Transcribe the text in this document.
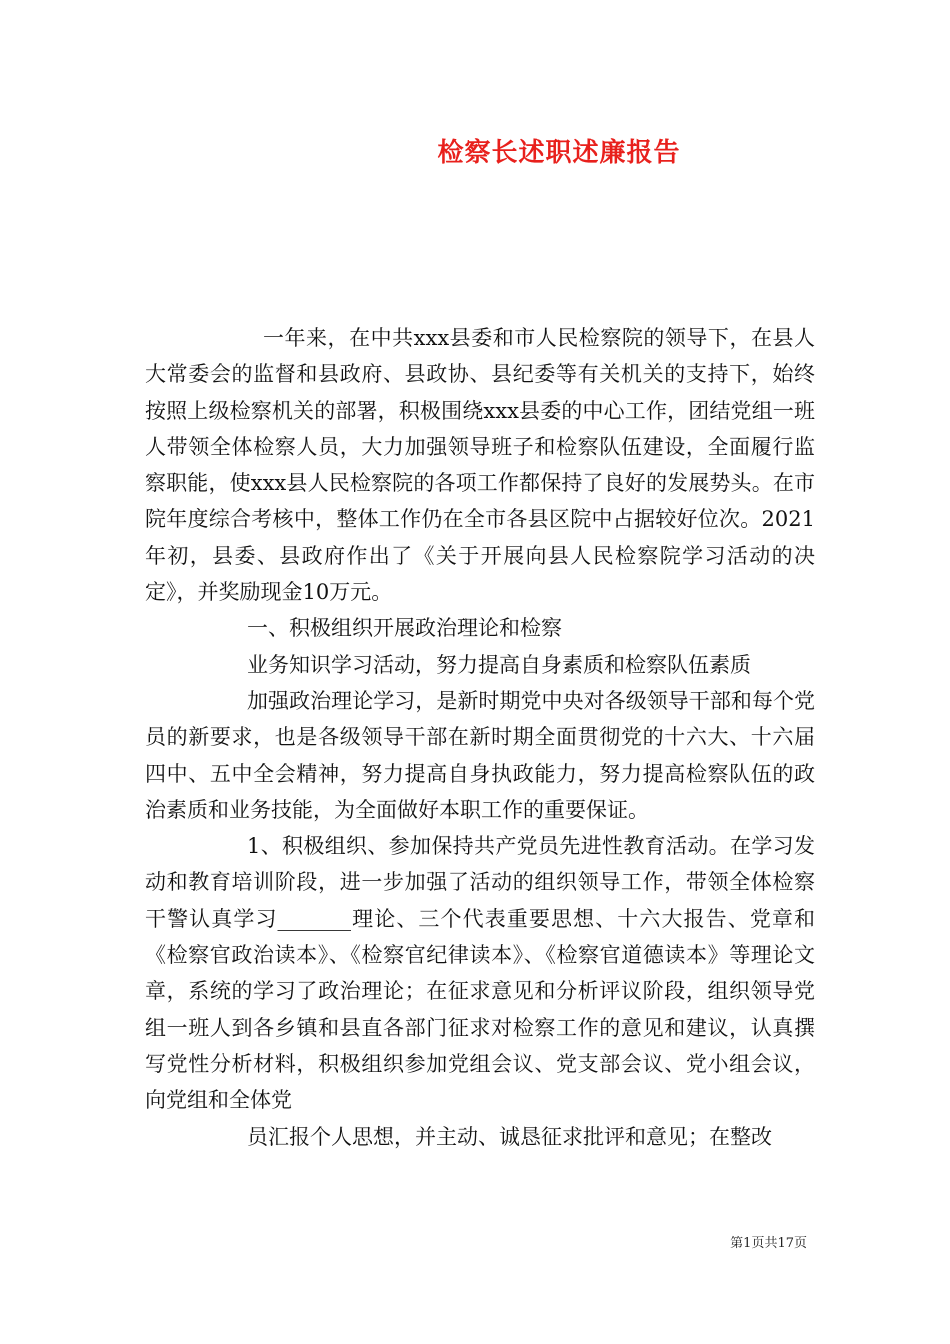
检察长述职述廉报告

一年来，在中共xxx县委和市人民检察院的领导下，在县人大常委会的监督和县政府、县政协、县纪委等有关机关的支持下，始终按照上级检察机关的部署，积极围绕xxx县委的中心工作，团结党组一班人带领全体检察人员，大力加强领导班子和检察队伍建设，全面履行监察职能，使xxx县人民检察院的各项工作都保持了良好的发展势头。在市院年度综合考核中，整体工作仍在全市各县区院中占据较好位次。2021年初，县委、县政府作出了《关于开展向县人民检察院学习活动的决定》，并奖励现金10万元。

一、积极组织开展政治理论和检察

业务知识学习活动，努力提高自身素质和检察队伍素质

加强政治理论学习，是新时期党中央对各级领导干部和每个党员的新要求，也是各级领导干部在新时期全面贯彻党的十六大、十六届四中、五中全会精神，努力提高自身执政能力，努力提高检察队伍的政治素质和业务技能，为全面做好本职工作的重要保证。

1、积极组织、参加保持共产党员先进性教育活动。在学习发动和教育培训阶段，进一步加强了活动的组织领导工作，带领全体检察干警认真学习_______理论、三个代表重要思想、十六大报告、党章和《检察官政治读本》、《检察官纪律读本》、《检察官道德读本》等理论文章，系统的学习了政治理论；在征求意见和分析评议阶段，组织领导党组一班人到各乡镇和县直各部门征求对检察工作的意见和建议，认真撰写党性分析材料，积极组织参加党组会议、党支部会议、党小组会议，向党组和全体党

员汇报个人思想，并主动、诚恳征求批评和意见；在整改

第1页共17页
